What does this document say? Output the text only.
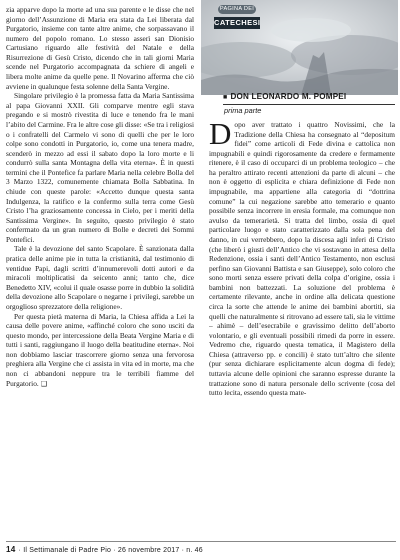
zia apparve dopo la morte ad una sua parente e le disse che nel giorno dell’Assunzione di Maria era stata da Lei liberata dal Purgatorio, insieme con tante altre anime, che sorpassavano il numero del popolo romano. Lo stesso asserì san Dionisio Cartusiano riguardo alle festività del Natale e della Risurrezione di Gesù Cristo, dicendo che in tali giorni Maria scende nel Purgatorio accompagnata da schiere di angeli e libera molte anime da quelle pene. Il Novarino afferma che ciò avviene in qualunque festa solenne della Santa Vergine.

Singolare privilegio è la promessa fatta da Maria Santissima al papa Giovanni XXII. Gli comparve mentre egli stava pregando e si mostrò rivestita di luce e tenendo fra le mani l’abito del Carmine. Fra le altre cose gli disse: «Se tra i religiosi o i confratelli del Carmelo vi sono di quelli che per le loro colpe sono condotti in Purgatorio, io, come una tenera madre, scenderò in mezzo ad essi il sabato dopo la loro morte e li condurrò sulla santa Montagna della vita eterna». È in questi termini che il Pontefice fa parlare Maria nella celebre Bolla del 3 Marzo 1322, comunemente chiamata Bolla Sabbatina. In chiude con queste parole: «Accetto dunque questa santa Indulgenza, la ratifico e la confermo sulla terra come Gesù Cristo l’ha graziosamente concessa in Cielo, per i meriti della Santissima Vergine». In seguito, questo privilegio è stato confermato da un gran numero di Bolle e decreti dei Sommi Pontefici.

Tale è la devozione del santo Scapolare. È sanzionata dalla pratica delle anime pie in tutta la cristianità, dal testimonio di ventidue Papi, dagli scritti d’innumerevoli dotti autori e da miracoli moltiplicatisi da seicento anni; tanto che, dice Benedetto XIV, «colui il quale osasse porre in dubbio la solidità della devozione allo Scapolare o negarne i privilegi, sarebbe un orgoglioso sprezzatore della religione».

Per questa pietà materna di Maria, la Chiesa affida a Lei la causa delle povere anime, «affinché coloro che sono usciti da questo mondo, per intercessione della Beata Vergine Maria e di tutti i santi, raggiungano il luogo della beatitudine eterna». Noi non dobbiamo lasciar trascorrere giorno senza una fervorosa preghiera alla Vergine che ci assista in vita ed in morte, ma che non ci abbandoni neppure tra le terribili fiamme del Purgatorio. ❑

PAGINA DEI
CATECHESI
■ DON LEONARDO M. POMPEI
prima parte
Dopo aver trattato i quattro Novissimi, che la Tradizione della Chiesa ha consegnato al “depositum fidei” come articoli di Fede divina e cattolica non impugnabili e quindi rigorosamente da credere e fermamente ritenere, è il caso di occuparci di un problema teologico – che ha peraltro attirato recenti attenzioni da parte di alcuni – che non è oggetto di esplicita e chiara definizione di Fede non impugnabile, ma appartiene alla categoria di “dottrina comune” la cui negazione sarebbe atto temerario e quanto possibile senza incorrere in eresia formale, ma comunque non avulso da temerarietà. Si tratta del limbo, ossia di quel particolare luogo e stato caratterizzato dalla sola pena del danno, in cui verrebbero, dopo la discesa agli inferi di Cristo (che liberò i giusti dell’Antico che vi sostavano in attesa della Redenzione, ossia i santi dell’Antico Testamento, non esclusi perfino san Giovanni Battista e san Giuseppe), solo coloro che sono morti senza essere privati della colpa d’origine, ossia i bambini non battezzati. La soluzione del problema è certamente rilevante, anche in ordine alla delicata questione circa la sorte che attende le anime dei bambini abortiti, sia quelli che naturalmente si ritrovano ad essere tali, sia le vittime – ahimè – dell’esecrabile e gravissimo delitto dell’aborto volontario, e gli eventuali possibili rimedi da porre in essere. Vedremo che, riguardo questa tematica, il Magistero della Chiesa (attraverso pp. e concili) è stato tutt’altro che silente (pur senza dichiarare esplicitamente alcun dogma di fede); tuttavia alcune delle opinioni che saranno espresse durante la trattazione sono di natura personale dello scrivente (cosa del tutto lecita, essendo questa mate-
14 · Il Settimanale di Padre Pio · 26 novembre 2017 · n. 46
